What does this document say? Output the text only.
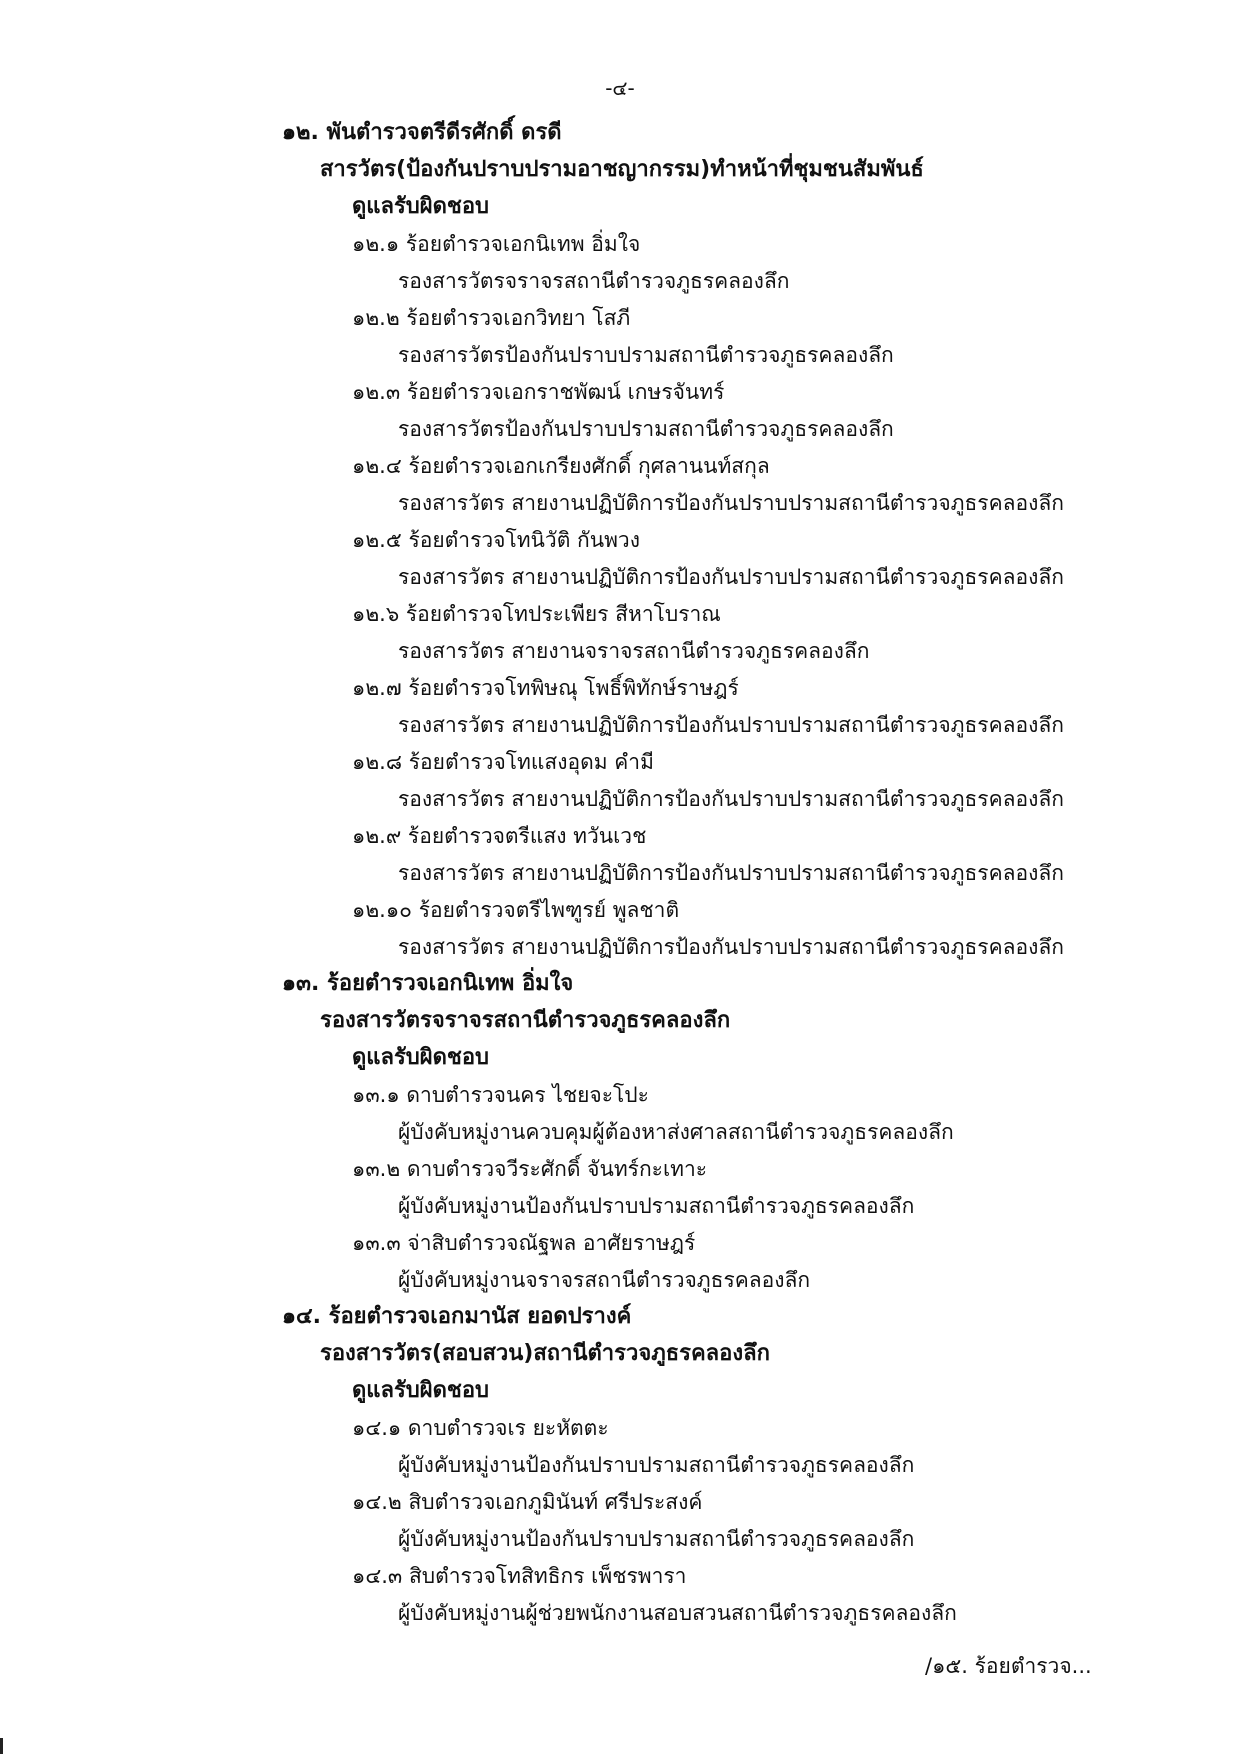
-๔-
๑๒. พันตำรวจตรีดีรศักดิ์ ดรดี
สารวัตร(ป้องกันปราบปรามอาชญากรรม)ทำหน้าที่ชุมชนสัมพันธ์
ดูแลรับผิดชอบ
๑๒.๑ ร้อยตำรวจเอกนิเทพ อิ่มใจ
รองสารวัตรจราจรสถานีตำรวจภูธรคลองลึก
๑๒.๒ ร้อยตำรวจเอกวิทยา โสภี
รองสารวัตรป้องกันปราบปรามสถานีตำรวจภูธรคลองลึก
๑๒.๓ ร้อยตำรวจเอกราชพัฒน์ เกษรจันทร์
รองสารวัตรป้องกันปราบปรามสถานีตำรวจภูธรคลองลึก
๑๒.๔ ร้อยตำรวจเอกเกรียงศักดิ์ กุศลานนท์สกุล
รองสารวัตร สายงานปฏิบัติการป้องกันปราบปรามสถานีตำรวจภูธรคลองลึก
๑๒.๕ ร้อยตำรวจโทนิวัติ กันพวง
รองสารวัตร สายงานปฏิบัติการป้องกันปราบปรามสถานีตำรวจภูธรคลองลึก
๑๒.๖ ร้อยตำรวจโทประเพียร สีหาโบราณ
รองสารวัตร สายงานจราจรสถานีตำรวจภูธรคลองลึก
๑๒.๗ ร้อยตำรวจโทพิษณุ โพธิ์พิทักษ์ราษฎร์
รองสารวัตร สายงานปฏิบัติการป้องกันปราบปรามสถานีตำรวจภูธรคลองลึก
๑๒.๘ ร้อยตำรวจโทแสงอุดม คำมี
รองสารวัตร สายงานปฏิบัติการป้องกันปราบปรามสถานีตำรวจภูธรคลองลึก
๑๒.๙ ร้อยตำรวจตรีแสง ทวันเวช
รองสารวัตร สายงานปฏิบัติการป้องกันปราบปรามสถานีตำรวจภูธรคลองลึก
๑๒.๑๐ ร้อยตำรวจตรีไพฑูรย์ พูลชาติ
รองสารวัตร สายงานปฏิบัติการป้องกันปราบปรามสถานีตำรวจภูธรคลองลึก
๑๓. ร้อยตำรวจเอกนิเทพ อิ่มใจ
รองสารวัตรจราจรสถานีตำรวจภูธรคลองลึก
ดูแลรับผิดชอบ
๑๓.๑ ดาบตำรวจนคร ไชยจะโปะ
ผู้บังคับหมู่งานควบคุมผู้ต้องหาส่งศาลสถานีตำรวจภูธรคลองลึก
๑๓.๒ ดาบตำรวจวีระศักดิ์ จันทร์กะเทาะ
ผู้บังคับหมู่งานป้องกันปราบปรามสถานีตำรวจภูธรคลองลึก
๑๓.๓ จ่าสิบตำรวจณัฐพล อาศัยราษฎร์
ผู้บังคับหมู่งานจราจรสถานีตำรวจภูธรคลองลึก
๑๔. ร้อยตำรวจเอกมานัส ยอดปรางค์
รองสารวัตร(สอบสวน)สถานีตำรวจภูธรคลองลึก
ดูแลรับผิดชอบ
๑๔.๑ ดาบตำรวจเร ยะหัตตะ
ผู้บังคับหมู่งานป้องกันปราบปรามสถานีตำรวจภูธรคลองลึก
๑๔.๒ สิบตำรวจเอกภูมินันท์ ศรีประสงค์
ผู้บังคับหมู่งานป้องกันปราบปรามสถานีตำรวจภูธรคลองลึก
๑๔.๓ สิบตำรวจโทสิทธิกร เพ็ชรพารา
ผู้บังคับหมู่งานผู้ช่วยพนักงานสอบสวนสถานีตำรวจภูธรคลองลึก
/๑๕. ร้อยตำรวจ...
